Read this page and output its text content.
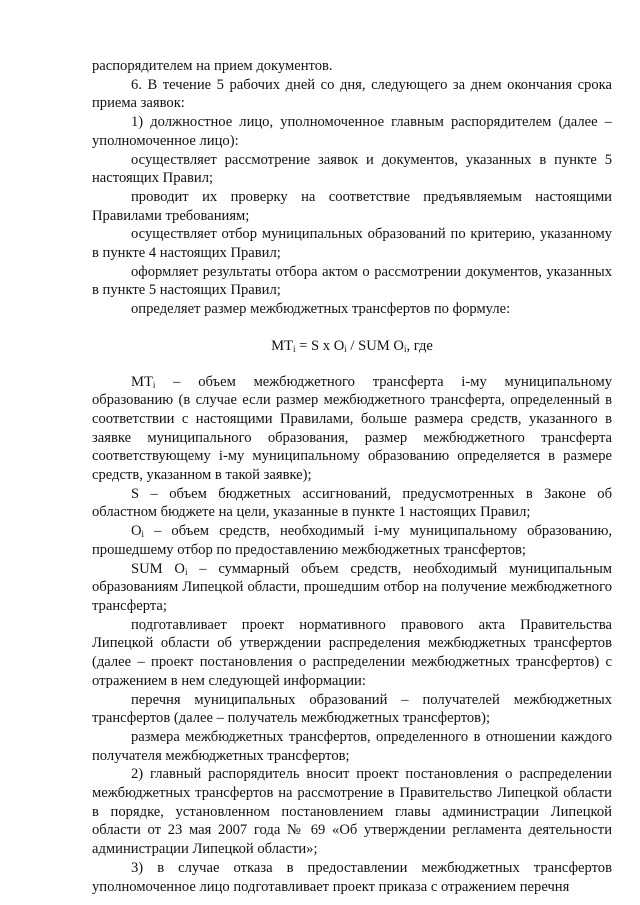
распорядителем на прием документов.

6. В течение 5 рабочих дней со дня, следующего за днем окончания срока приема заявок:

1) должностное лицо, уполномоченное главным распорядителем (далее – уполномоченное лицо):

осуществляет рассмотрение заявок и документов, указанных в пункте 5 настоящих Правил;

проводит их проверку на соответствие предъявляемым настоящими Правилами требованиям;

осуществляет отбор муниципальных образований по критерию, указанному в пункте 4 настоящих Правил;

оформляет результаты отбора актом о рассмотрении документов, указанных в пункте 5 настоящих Правил;

определяет размер межбюджетных трансфертов по формуле:

$MT_i = S$ x $O_i$ / SUM $O_i$, где

$MT_i$ – объем межбюджетного трансферта i-му муниципальному образованию (в случае если размер межбюджетного трансферта, определенный в соответствии с настоящими Правилами, больше размера средств, указанного в заявке муниципального образования, размер межбюджетного трансферта соответствующему i-му муниципальному образованию определяется в размере средств, указанном в такой заявке);

S – объем бюджетных ассигнований, предусмотренных в Законе об областном бюджете на цели, указанные в пункте 1 настоящих Правил;

$O_i$ – объем средств, необходимый i-му муниципальному образованию, прошедшему отбор по предоставлению межбюджетных трансфертов;

SUM $O_i$ – суммарный объем средств, необходимый муниципальным образованиям Липецкой области, прошедшим отбор на получение межбюджетного трансферта;

подготавливает проект нормативного правового акта Правительства Липецкой области об утверждении распределения межбюджетных трансфертов (далее – проект постановления о распределении межбюджетных трансфертов) с отражением в нем следующей информации:

перечня муниципальных образований – получателей межбюджетных трансфертов (далее – получатель межбюджетных трансфертов);

размера межбюджетных трансфертов, определенного в отношении каждого получателя межбюджетных трансфертов;

2) главный распорядитель вносит проект постановления о распределении межбюджетных трансфертов на рассмотрение в Правительство Липецкой области в порядке, установленном постановлением главы администрации Липецкой области от 23 мая 2007 года № 69 «Об утверждении регламента деятельности администрации Липецкой области»;

3) в случае отказа в предоставлении межбюджетных трансфертов уполномоченное лицо подготавливает проект приказа с отражением перечня
